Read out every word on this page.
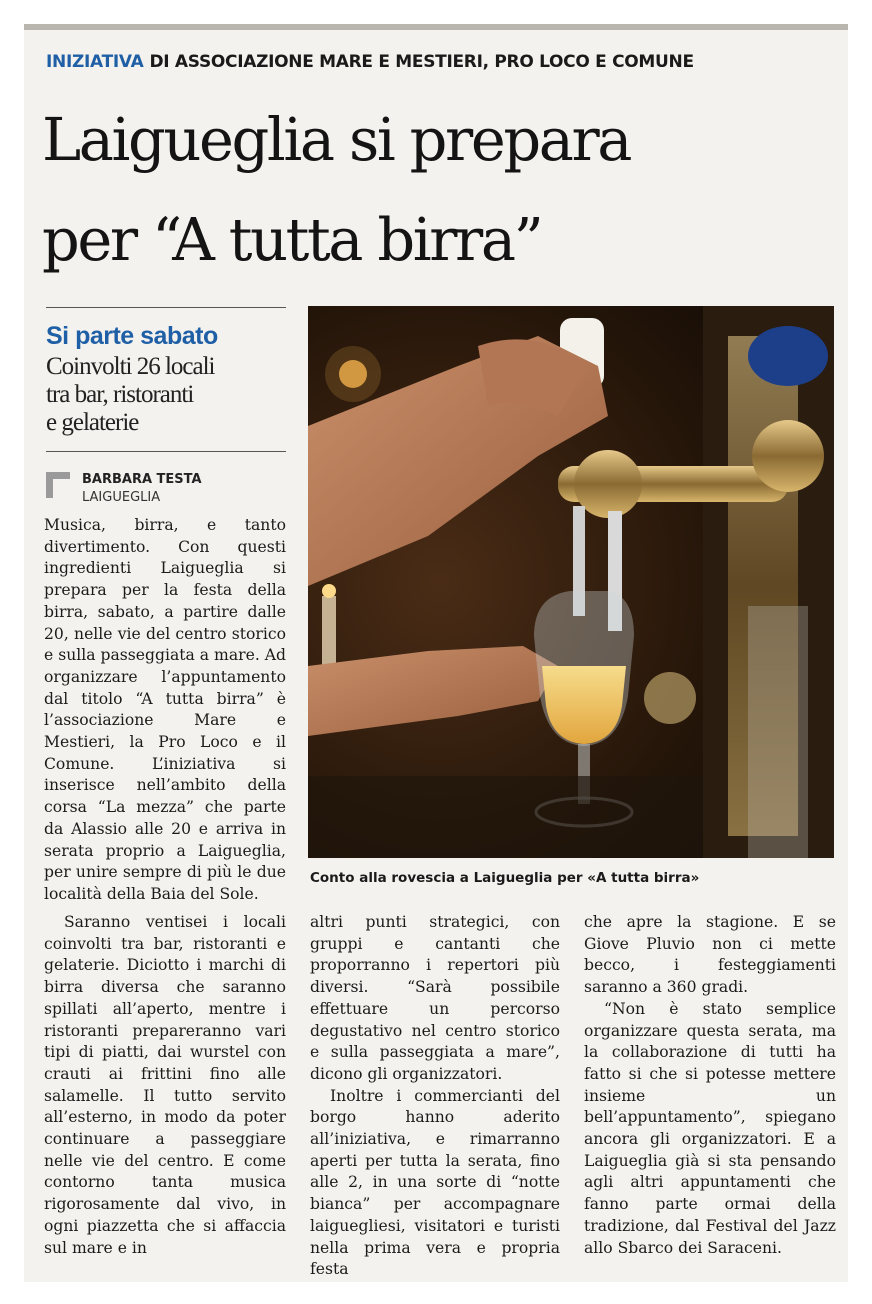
INIZIATIVA DI ASSOCIAZIONE MARE E MESTIERI, PRO LOCO E COMUNE
Laigueglia si prepara
per “A tutta birra”
Si parte sabato
Coinvolti 26 locali
tra bar, ristoranti
e gelaterie
BARBARA TESTA
LAIGUEGLIA
Conto alla rovescia a Laigueglia per «A tutta birra»

Musica, birra, e tanto divertimento. Con questi ingredienti Laigueglia si prepara per la festa della birra, sabato, a partire dalle 20, nelle vie del centro storico e sulla passeggiata a mare. Ad organizzare l’appuntamento dal titolo “A tutta birra” è l’associazione Mare e Mestieri, la Pro Loco e il Comune. L’iniziativa si inserisce nell’ambito della corsa “La mezza” che parte da Alassio alle 20 e arriva in serata proprio a Laigueglia, per unire sempre di più le due località della Baia del Sole.

Saranno ventisei i locali coinvolti tra bar, ristoranti e gelaterie. Diciotto i marchi di birra diversa che saranno spillati all’aperto, mentre i ristoranti prepareranno vari tipi di piatti, dai wurstel con crauti ai frittini fino alle salamelle. Il tutto servito all’esterno, in modo da poter continuare a passeggiare nelle vie del centro. E come contorno tanta musica rigorosamente dal vivo, in ogni piazzetta che si affaccia sul mare e in

altri punti strategici, con gruppi e cantanti che proporranno i repertori più diversi. “Sarà possibile effettuare un percorso degustativo nel centro storico e sulla passeggiata a mare”, dicono gli organizzatori.

Inoltre i commercianti del borgo hanno aderito all’iniziativa, e rimarranno aperti per tutta la serata, fino alle 2, in una sorte di “notte bianca” per accompagnare laiguegliesi, visitatori e turisti nella prima vera e propria festa

che apre la stagione. E se Giove Pluvio non ci mette becco, i festeggiamenti saranno a 360 gradi.

“Non è stato semplice organizzare questa serata, ma la collaborazione di tutti ha fatto si che si potesse mettere insieme un bell’appuntamento”, spiegano ancora gli organizzatori. E a Laigueglia già si sta pensando agli altri appuntamenti che fanno parte ormai della tradizione, dal Festival del Jazz allo Sbarco dei Saraceni.
